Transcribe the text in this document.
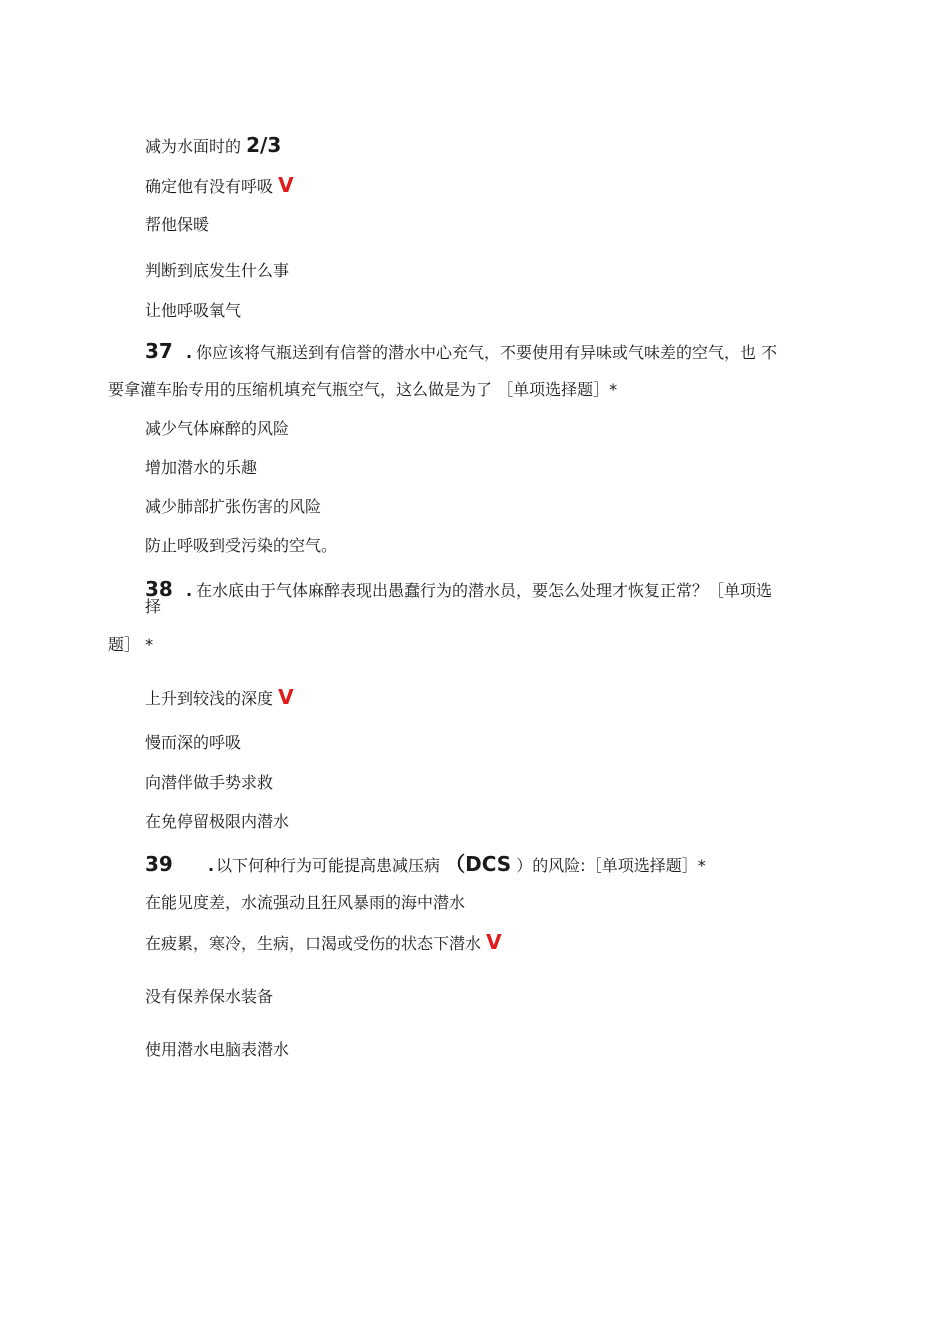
减为水面时的 2/3
确定他有没有呼吸 V
帮他保暖
判断到底发生什么事
让他呼吸氧气
37 . 你应该将气瓶送到有信誉的潜水中心充气，不要使用有异味或气味差的空气，也 不
要拿灌车胎专用的压缩机填充气瓶空气，这么做是为了 ［单项选择题］*
减少气体麻醉的风险
增加潜水的乐趣
减少肺部扩张伤害的风险
防止呼吸到受污染的空气。
38 . 在水底由于气体麻醉表现出愚蠢行为的潜水员，要怎么处理才恢复正常？［单项选
择
题］ *
上升到较浅的深度 V
慢而深的呼吸
向潜伴做手势求救
在免停留极限内潜水
39 . 以下何种行为可能提高患减压病 （DCS ）的风险:［单项选择题］*
在能见度差，水流强动且狂风暴雨的海中潜水
在疲累，寒冷，生病，口渴或受伤的状态下潜水 V
没有保养保水装备
使用潜水电脑表潜水
